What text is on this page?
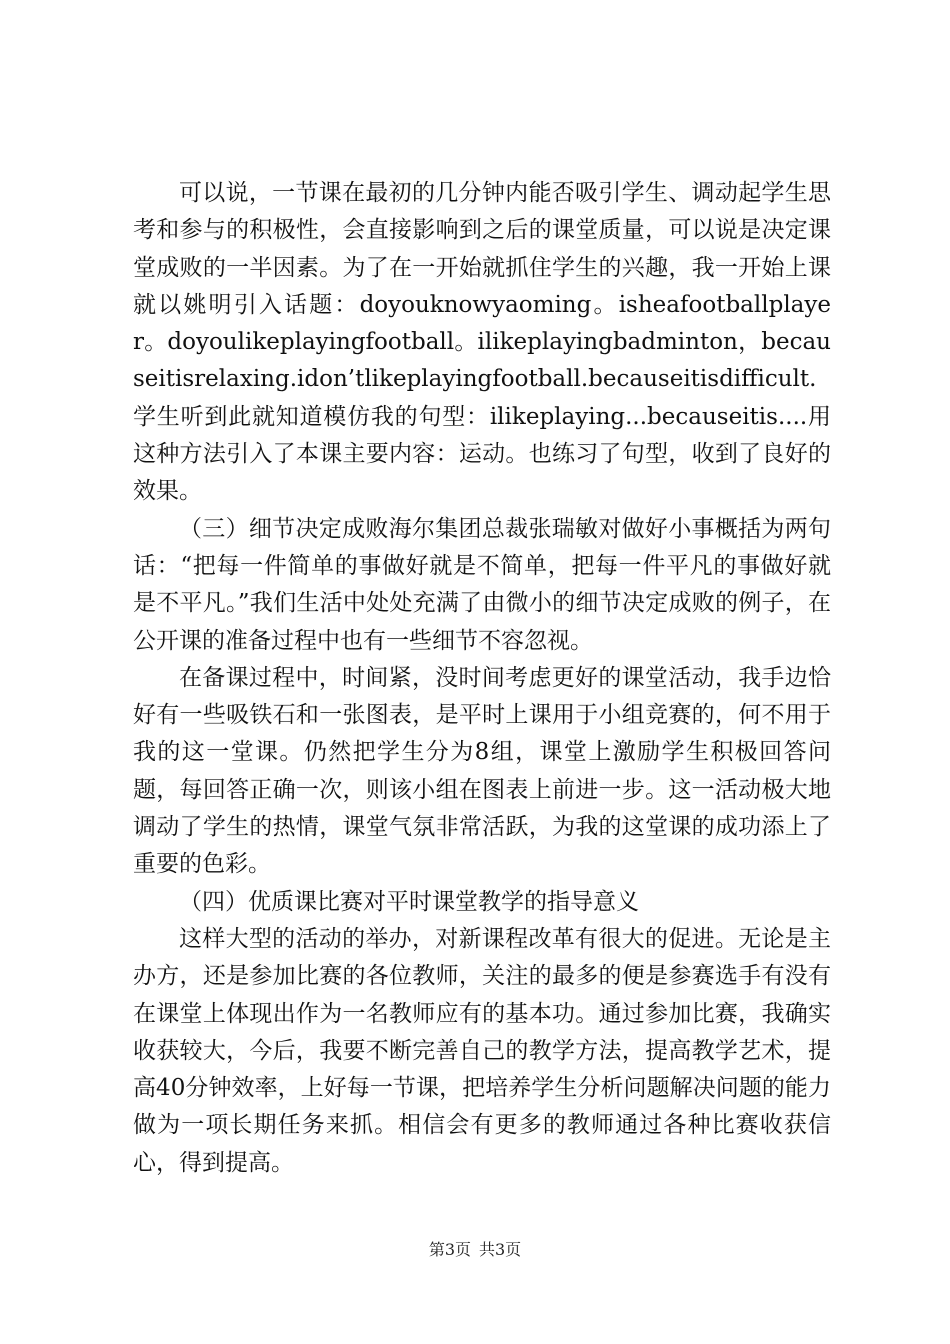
可以说，一节课在最初的几分钟内能否吸引学生、调动起学生思考和参与的积极性，会直接影响到之后的课堂质量，可以说是决定课堂成败的一半因素。为了在一开始就抓住学生的兴趣，我一开始上课就以姚明引入话题：doyouknowyaoming。isheafootballplayer。doyoulikeplayingfootball。ilikeplayingbadminton，becauseitisrelaxing.idon’tlikeplayingfootball.becauseitisdifficult.学生听到此就知道模仿我的句型：ilikeplaying...becauseitis....用这种方法引入了本课主要内容：运动。也练习了句型，收到了良好的效果。

（三）细节决定成败海尔集团总裁张瑞敏对做好小事概括为两句话：“把每一件简单的事做好就是不简单，把每一件平凡的事做好就是不平凡。”我们生活中处处充满了由微小的细节决定成败的例子，在公开课的准备过程中也有一些细节不容忽视。

在备课过程中，时间紧，没时间考虑更好的课堂活动，我手边恰好有一些吸铁石和一张图表，是平时上课用于小组竞赛的，何不用于我的这一堂课。仍然把学生分为8组，课堂上激励学生积极回答问题，每回答正确一次，则该小组在图表上前进一步。这一活动极大地调动了学生的热情，课堂气氛非常活跃，为我的这堂课的成功添上了重要的色彩。

（四）优质课比赛对平时课堂教学的指导意义

这样大型的活动的举办，对新课程改革有很大的促进。无论是主办方，还是参加比赛的各位教师，关注的最多的便是参赛选手有没有在课堂上体现出作为一名教师应有的基本功。通过参加比赛，我确实收获较大，今后，我要不断完善自己的教学方法，提高教学艺术，提高40分钟效率，上好每一节课，把培养学生分析问题解决问题的能力做为一项长期任务来抓。相信会有更多的教师通过各种比赛收获信心，得到提高。

第3页 共3页
